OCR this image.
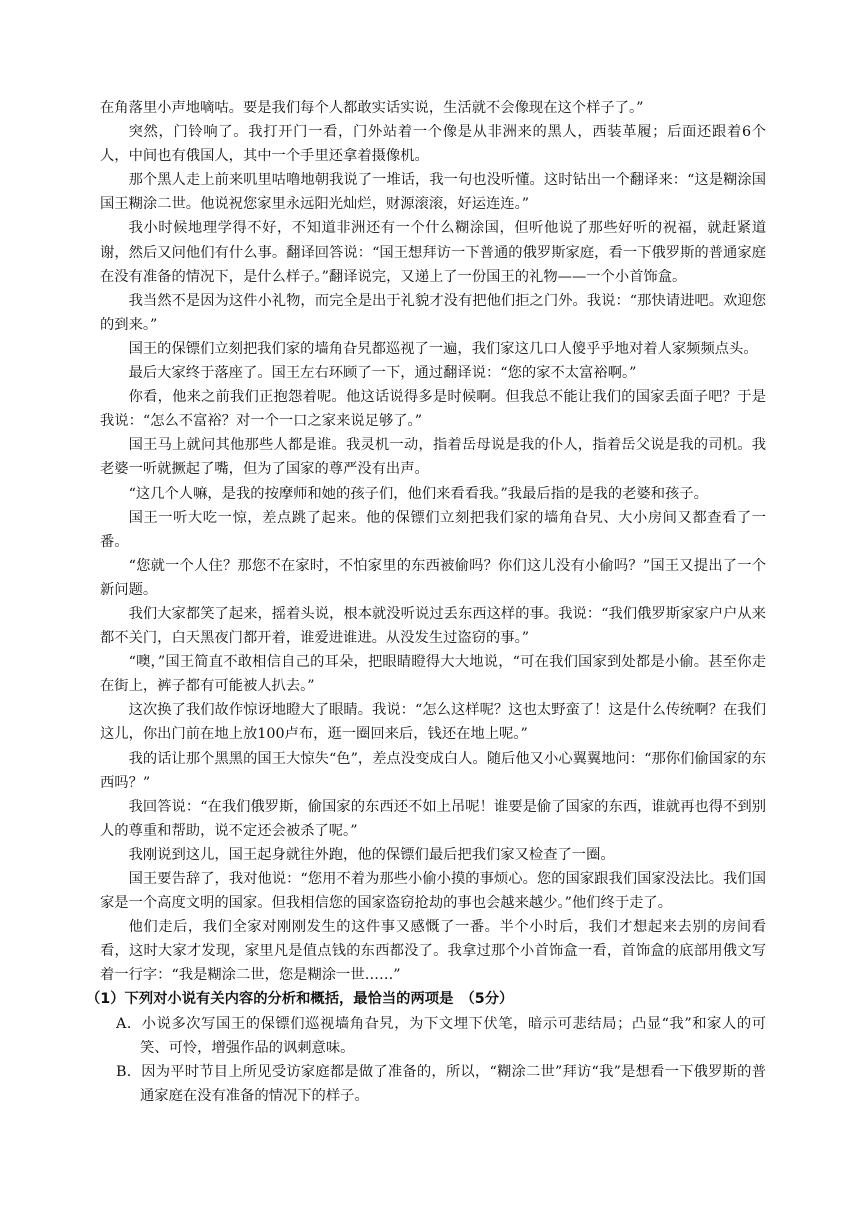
在角落里小声地嘀咕。要是我们每个人都敢实话实说，生活就不会像现在这个样子了。”

突然，门铃响了。我打开门一看，门外站着一个像是从非洲来的黑人，西装革履；后面还跟着6个人，中间也有俄国人，其中一个手里还拿着摄像机。

那个黑人走上前来叽里咕噜地朝我说了一堆话，我一句也没听懂。这时钻出一个翻译来：“这是糊涂国国王糊涂二世。他说祝您家里永远阳光灿烂，财源滚滚，好运连连。”

我小时候地理学得不好，不知道非洲还有一个什么糊涂国，但听他说了那些好听的祝福，就赶紧道谢，然后又问他们有什么事。翻译回答说：“国王想拜访一下普通的俄罗斯家庭，看一下俄罗斯的普通家庭在没有准备的情况下，是什么样子。”翻译说完，又递上了一份国王的礼物——一个小首饰盒。

我当然不是因为这件小礼物，而完全是出于礼貌才没有把他们拒之门外。我说：“那快请进吧。欢迎您的到来。”

国王的保镖们立刻把我们家的墙角旮旯都巡视了一遍，我们家这几口人傻乎乎地对着人家频频点头。

最后大家终于落座了。国王左右环顾了一下，通过翻译说：“您的家不太富裕啊。”

你看，他来之前我们正抱怨着呢。他这话说得多是时候啊。但我总不能让我们的国家丢面子吧？于是我说：“怎么不富裕？对一个一口之家来说足够了。”

国王马上就问其他那些人都是谁。我灵机一动，指着岳母说是我的仆人，指着岳父说是我的司机。我老婆一听就撅起了嘴，但为了国家的尊严没有出声。

“这几个人嘛，是我的按摩师和她的孩子们，他们来看看我。”我最后指的是我的老婆和孩子。

国王一听大吃一惊，差点跳了起来。他的保镖们立刻把我们家的墙角旮旯、大小房间又都查看了一番。

“您就一个人住？那您不在家时，不怕家里的东西被偷吗？你们这儿没有小偷吗？”国王又提出了一个新问题。

我们大家都笑了起来，摇着头说，根本就没听说过丢东西这样的事。我说：“我们俄罗斯家家户户从来都不关门，白天黑夜门都开着，谁爱进谁进。从没发生过盗窃的事。”

“噢，”国王简直不敢相信自己的耳朵，把眼睛瞪得大大地说，“可在我们国家到处都是小偷。甚至你走在街上，裤子都有可能被人扒去。”

这次换了我们故作惊讶地瞪大了眼睛。我说：“怎么这样呢？这也太野蛮了！这是什么传统啊？在我们这儿，你出门前在地上放100卢布，逛一圈回来后，钱还在地上呢。”

我的话让那个黑黑的国王大惊失“色”，差点没变成白人。随后他又小心翼翼地问：“那你们偷国家的东西吗？”

我回答说：“在我们俄罗斯，偷国家的东西还不如上吊呢！谁要是偷了国家的东西，谁就再也得不到别人的尊重和帮助，说不定还会被杀了呢。”

我刚说到这儿，国王起身就往外跑，他的保镖们最后把我们家又检查了一圈。

国王要告辞了，我对他说：“您用不着为那些小偷小摸的事烦心。您的国家跟我们国家没法比。我们国家是一个高度文明的国家。但我相信您的国家盗窃抢劫的事也会越来越少。”他们终于走了。

他们走后，我们全家对刚刚发生的这件事又感慨了一番。半个小时后，我们才想起来去别的房间看看，这时大家才发现，家里凡是值点钱的东西都没了。我拿过那个小首饰盒一看，首饰盒的底部用俄文写着一行字：“我是糊涂二世，您是糊涂一世……”

（1）下列对小说有关内容的分析和概括，最恰当的两项是　（5分）

A．小说多次写国王的保镖们巡视墙角旮旯，为下文埋下伏笔，暗示可悲结局；凸显“我”和家人的可笑、可怜，增强作品的讽刺意味。

B．因为平时节目上所见受访家庭都是做了准备的，所以，“糊涂二世”拜访“我”是想看一下俄罗斯的普通家庭在没有准备的情况下的样子。
